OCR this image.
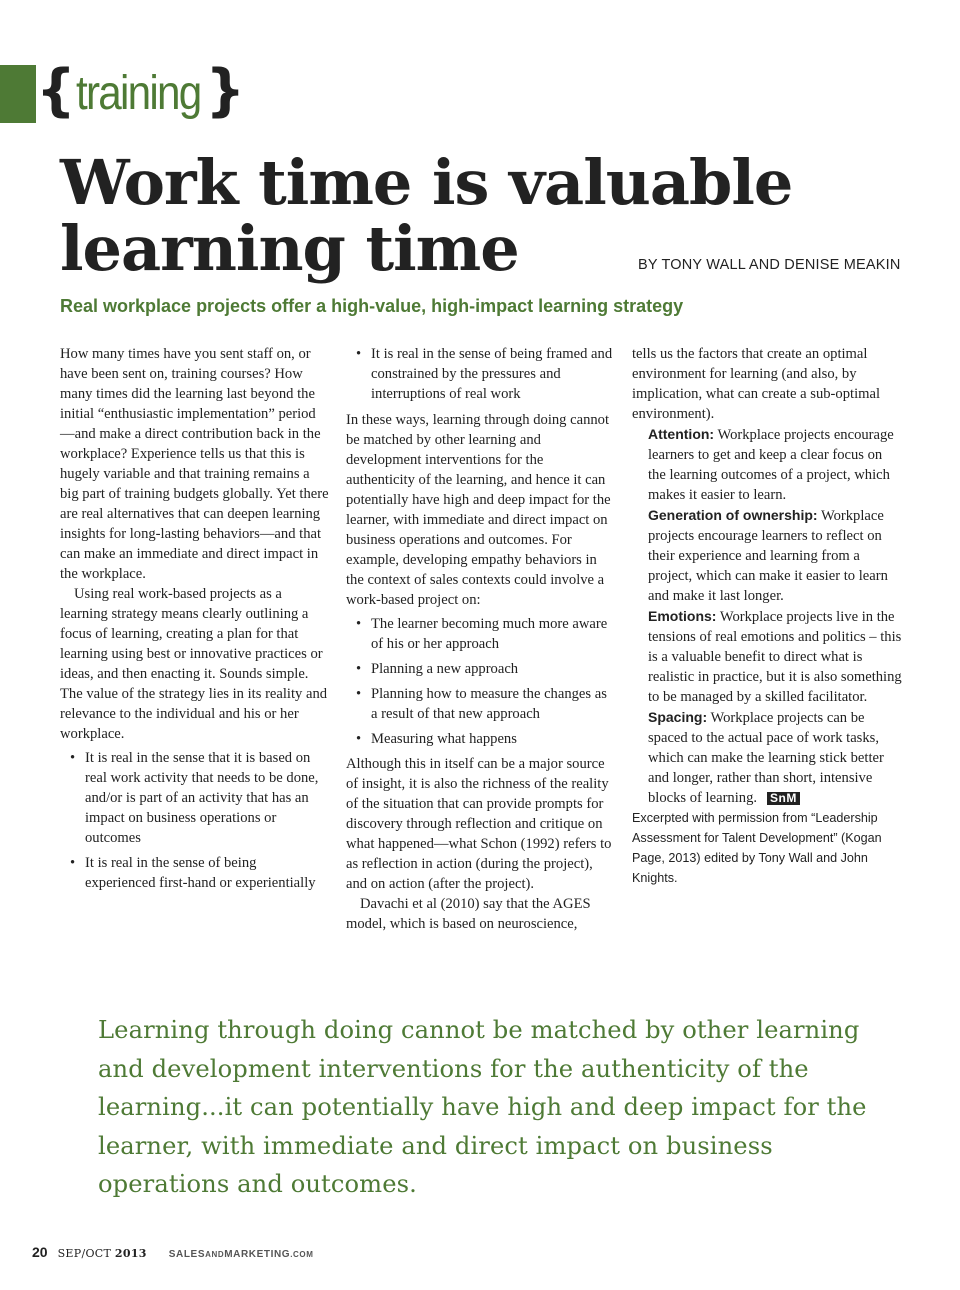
{ training }
Work time is valuable
learning time	BY TONY WALL AND DENISE MEAKIN
Real workplace projects offer a high-value, high-impact learning strategy

How many times have you sent staff on, or have been sent on, training courses? How many times did the learning last beyond the initial “enthusiastic implementation” period—and make a direct contribution back in the workplace? Experience tells us that this is hugely variable and that training remains a big part of training budgets globally. Yet there are real alternatives that can deepen learning insights for long-lasting behaviors—and that can make an immediate and direct impact in the workplace.

Using real work-based projects as a learning strategy means clearly outlining a focus of learning, creating a plan for that learning using best or innovative practices or ideas, and then enacting it. Sounds simple. The value of the strategy lies in its reality and relevance to the individual and his or her workplace.

• It is real in the sense that it is based on real work activity that needs to be done, and/or is part of an activity that has an impact on business operations or outcomes
• It is real in the sense of being experienced first-hand or experientially
• It is real in the sense of being framed and constrained by the pressures and interruptions of real work

In these ways, learning through doing cannot be matched by other learning and development interventions for the authenticity of the learning, and hence it can potentially have high and deep impact for the learner, with immediate and direct impact on business operations and outcomes. For example, developing empathy behaviors in the context of sales contexts could involve a work-based project on:

• The learner becoming much more aware of his or her approach
• Planning a new approach
• Planning how to measure the changes as a result of that new approach
• Measuring what happens

Although this in itself can be a major source of insight, it is also the richness of the reality of the situation that can provide prompts for discovery through reflection and critique on what happened—what Schon (1992) refers to as reflection in action (during the project), and on action (after the project).

Davachi et al (2010) say that the AGES model, which is based on neuroscience,

tells us the factors that create an optimal environment for learning (and also, by implication, what can create a sub-optimal environment).

Attention: Workplace projects encourage learners to get and keep a clear focus on the learning outcomes of a project, which makes it easier to learn.

Generation of ownership: Workplace projects encourage learners to reflect on their experience and learning from a project, which can make it easier to learn and make it last longer.

Emotions: Workplace projects live in the tensions of real emotions and politics – this is a valuable benefit to direct what is realistic in practice, but it is also something to be managed by a skilled facilitator.

Spacing: Workplace projects can be spaced to the actual pace of work tasks, which can make the learning stick better and longer, rather than short, intensive blocks of learning. SnM

Excerpted with permission from “Leadership Assessment for Talent Development” (Kogan Page, 2013) edited by Tony Wall and John Knights.

Learning through doing cannot be matched by other learning and development interventions for the authenticity of the learning...it can potentially have high and deep impact for the learner, with immediate and direct impact on business operations and outcomes.
20 SEP/OCT 2013 SALESANDMARKETING.COM
